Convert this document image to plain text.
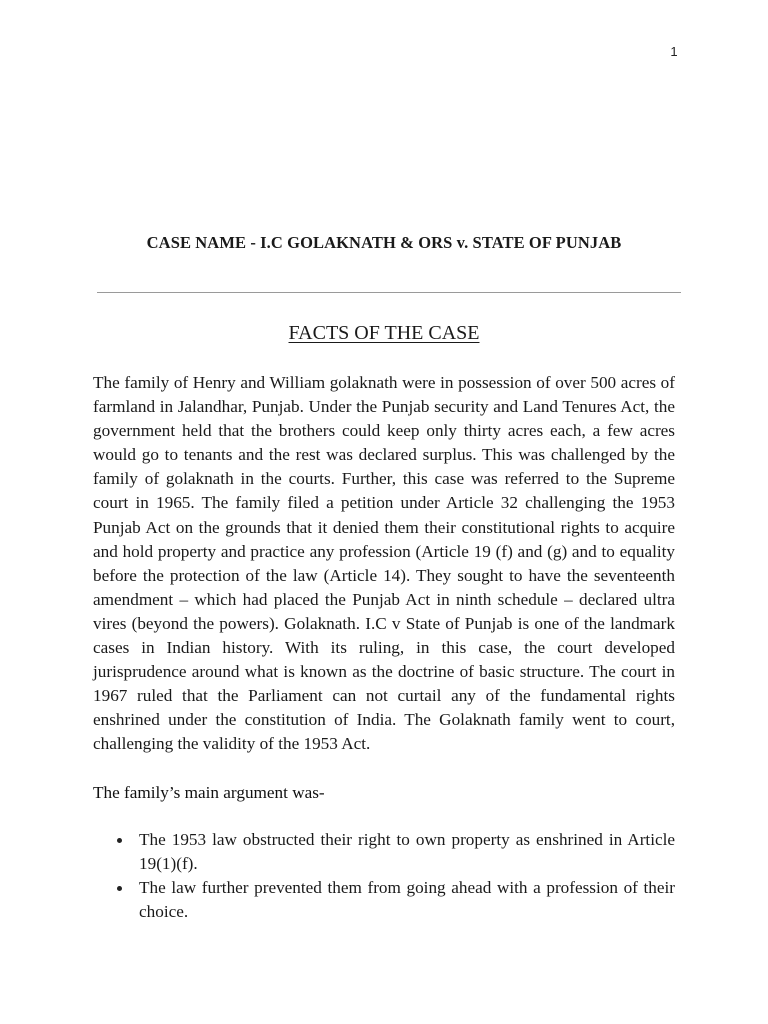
1
CASE NAME - I.C GOLAKNATH & ORS v. STATE OF PUNJAB
FACTS OF THE CASE

The family of Henry and William golaknath were in possession of over 500 acres of farmland in Jalandhar, Punjab. Under the Punjab security and Land Tenures Act, the government held that the brothers could keep only thirty acres each, a few acres would go to tenants and the rest was declared surplus. This was challenged by the family of golaknath in the courts. Further, this case was referred to the Supreme court in 1965. The family filed a petition under Article 32 challenging the 1953 Punjab Act on the grounds that it denied them their constitutional rights to acquire and hold property and practice any profession (Article 19 (f) and (g) and to equality before the protection of the law (Article 14). They sought to have the seventeenth amendment – which had placed the Punjab Act in ninth schedule – declared ultra vires (beyond the powers). Golaknath. I.C v State of Punjab is one of the landmark cases in Indian history. With its ruling, in this case, the court developed jurisprudence around what is known as the doctrine of basic structure. The court in 1967 ruled that the Parliament can not curtail any of the fundamental rights enshrined under the constitution of India. The Golaknath family went to court, challenging the validity of the 1953 Act.

The family’s main argument was-

The 1953 law obstructed their right to own property as enshrined in Article 19(1)(f).
The law further prevented them from going ahead with a profession of their choice.
